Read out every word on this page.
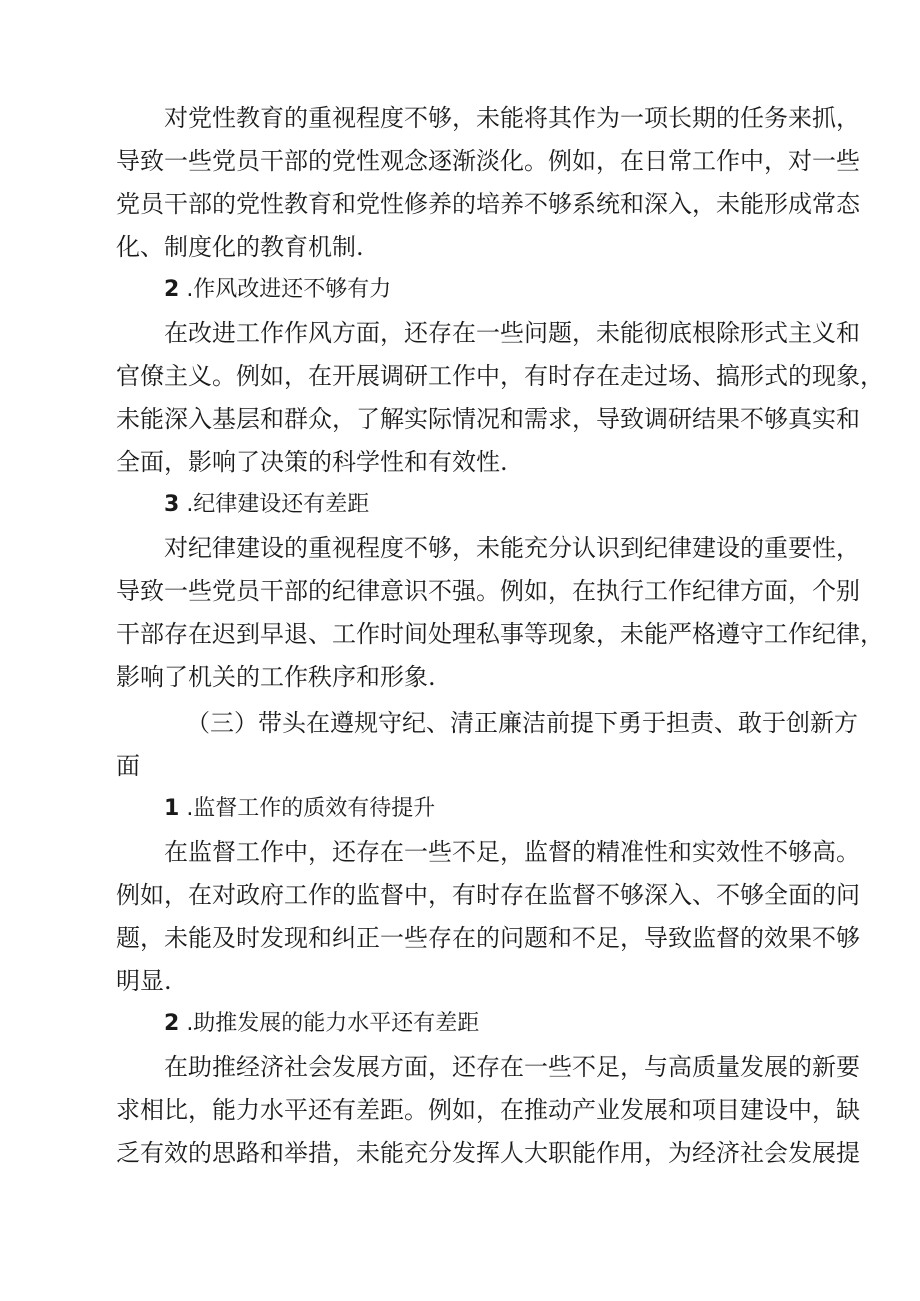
对党性教育的重视程度不够，未能将其作为一项长期的任务来抓，
导致一些党员干部的党性观念逐渐淡化。例如，在日常工作中，对一些
党员干部的党性教育和党性修养的培养不够系统和深入，未能形成常态
化、制度化的教育机制.
2 .作风改进还不够有力
在改进工作作风方面，还存在一些问题，未能彻底根除形式主义和
官僚主义。例如，在开展调研工作中，有时存在走过场、搞形式的现象，
未能深入基层和群众，了解实际情况和需求，导致调研结果不够真实和
全面，影响了决策的科学性和有效性.
3 .纪律建设还有差距
对纪律建设的重视程度不够，未能充分认识到纪律建设的重要性，
导致一些党员干部的纪律意识不强。例如，在执行工作纪律方面，个别
干部存在迟到早退、工作时间处理私事等现象，未能严格遵守工作纪律，
影响了机关的工作秩序和形象.
（三）带头在遵规守纪、清正廉洁前提下勇于担责、敢于创新方
面
1 .监督工作的质效有待提升
在监督工作中，还存在一些不足，监督的精准性和实效性不够高。
例如，在对政府工作的监督中，有时存在监督不够深入、不够全面的问
题，未能及时发现和纠正一些存在的问题和不足，导致监督的效果不够
明显.
2 .助推发展的能力水平还有差距
在助推经济社会发展方面，还存在一些不足，与高质量发展的新要
求相比，能力水平还有差距。例如，在推动产业发展和项目建设中，缺
乏有效的思路和举措，未能充分发挥人大职能作用，为经济社会发展提
